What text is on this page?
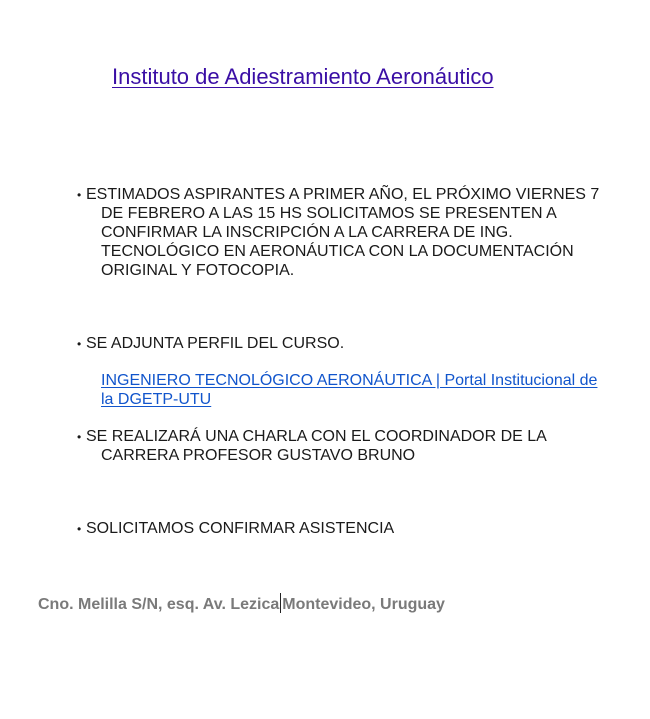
Instituto de Adiestramiento Aeronáutico
• ESTIMADOS ASPIRANTES A PRIMER AÑO, EL PRÓXIMO VIERNES 7 DE FEBRERO A LAS 15 HS SOLICITAMOS SE PRESENTEN A CONFIRMAR LA INSCRIPCIÓN A LA CARRERA DE ING. TECNOLÓGICO EN AERONÁUTICA CON LA DOCUMENTACIÓN ORIGINAL Y FOTOCOPIA.
• SE ADJUNTA PERFIL DEL CURSO.
INGENIERO TECNOLÓGICO AERONÁUTICA | Portal Institucional de la DGETP-UTU
• SE REALIZARÁ UNA CHARLA CON EL COORDINADOR DE LA CARRERA PROFESOR GUSTAVO BRUNO
• SOLICITAMOS CONFIRMAR ASISTENCIA
Cno. Melilla S/N, esq. Av. Lezica Montevideo, Uruguay
